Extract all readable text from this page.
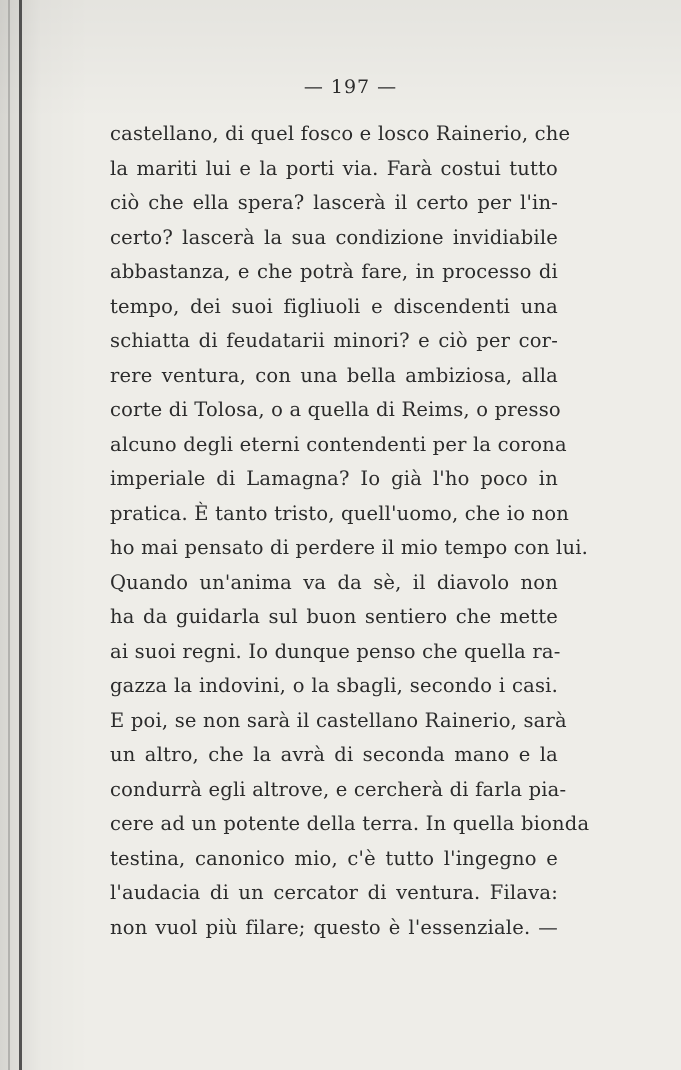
— 197 —
castellano, di quel fosco e losco Rainerio, che
la mariti lui e la porti via. Farà costui tutto
ciò che ella spera? lascerà il certo per l'in-
certo? lascerà la sua condizione invidiabile
abbastanza, e che potrà fare, in processo di
tempo, dei suoi figliuoli e discendenti una
schiatta di feudatarii minori? e ciò per cor-
rere ventura, con una bella ambiziosa, alla
corte di Tolosa, o a quella di Reims, o presso
alcuno degli eterni contendenti per la corona
imperiale di Lamagna? Io già l'ho poco in
pratica. È tanto tristo, quell'uomo, che io non
ho mai pensato di perdere il mio tempo con lui.
Quando un'anima va da sè, il diavolo non
ha da guidarla sul buon sentiero che mette
ai suoi regni. Io dunque penso che quella ra-
gazza la indovini, o la sbagli, secondo i casi.
E poi, se non sarà il castellano Rainerio, sarà
un altro, che la avrà di seconda mano e la
condurrà egli altrove, e cercherà di farla pia-
cere ad un potente della terra. In quella bionda
testina, canonico mio, c'è tutto l'ingegno e
l'audacia di un cercator di ventura. Filava:
non vuol più filare; questo è l'essenziale. —
